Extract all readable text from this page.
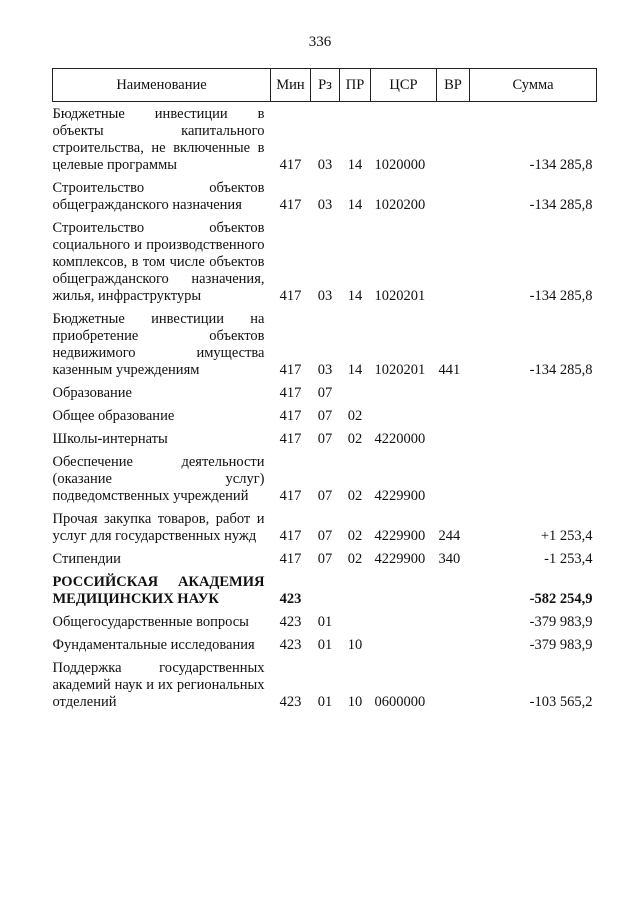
336
Наименование	Мин	Рз	ПР	ЦСР	ВР	Сумма
Бюджетные инвестиции в объекты капитального строительства, не включенные в целевые программы	417	03	14	1020000		-134 285,8
Строительство объектов общегражданского назначения	417	03	14	1020200		-134 285,8
Строительство объектов социального и производственного комплексов, в том числе объектов общегражданского назначения, жилья, инфраструктуры	417	03	14	1020201		-134 285,8
Бюджетные инвестиции на приобретение объектов недвижимого имущества казенным учреждениям	417	03	14	1020201	441	-134 285,8
Образование	417	07				
Общее образование	417	07	02			
Школы-интернаты	417	07	02	4220000		
Обеспечение деятельности (оказание услуг) подведомственных учреждений	417	07	02	4229900		
Прочая закупка товаров, работ и услуг для государственных нужд	417	07	02	4229900	244	+1 253,4
Стипендии	417	07	02	4229900	340	-1 253,4
РОССИЙСКАЯ АКАДЕМИЯ МЕДИЦИНСКИХ НАУК	423					-582 254,9
Общегосударственные вопросы	423	01				-379 983,9
Фундаментальные исследования	423	01	10			-379 983,9
Поддержка государственных академий наук и их региональных отделений	423	01	10	0600000		-103 565,2
